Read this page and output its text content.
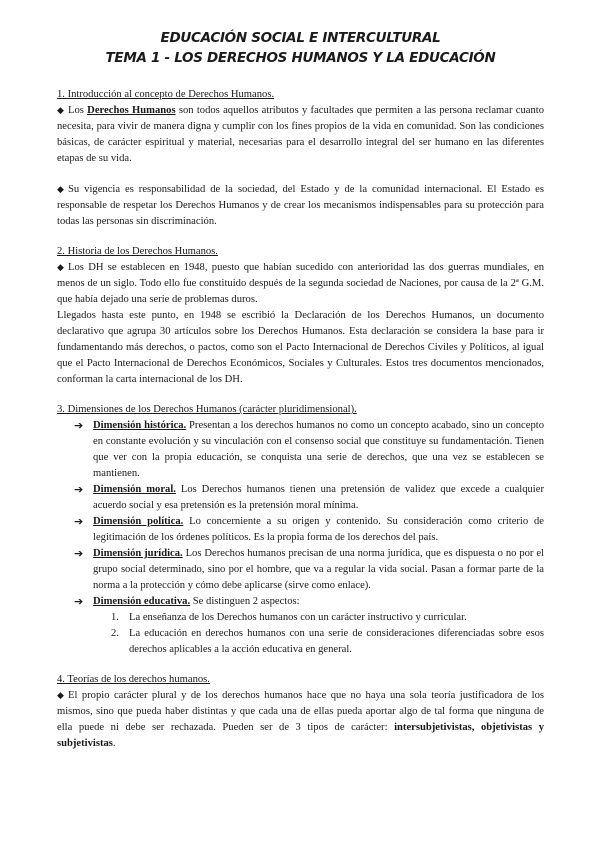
EDUCACIÓN SOCIAL E INTERCULTURAL
TEMA 1 - LOS DERECHOS HUMANOS Y LA EDUCACIÓN

1. Introducción al concepto de Derechos Humanos.

◆ Los Derechos Humanos son todos aquellos atributos y facultades que permiten a las persona reclamar cuanto necesita, para vivir de manera digna y cumplir con los fines propios de la vida en comunidad. Son las condiciones básicas, de carácter espiritual y material, necesarias para el desarrollo integral del ser humano en las diferentes etapas de su vida.

◆ Su vigencia es responsabilidad de la sociedad, del Estado y de la comunidad internacional. El Estado es responsable de respetar los Derechos Humanos y de crear los mecanismos indispensables para su protección para todas las personas sin discriminación.

2. Historia de los Derechos Humanos.

◆ Los DH se establecen en 1948, puesto que habían sucedido con anterioridad las dos guerras mundiales, en menos de un siglo. Todo ello fue constituido después de la segunda sociedad de Naciones, por causa de la 2ª G.M. que había dejado una serie de problemas duros.

Llegados hasta este punto, en 1948 se escribió la Declaración de los Derechos Humanos, un documento declarativo que agrupa 30 artículos sobre los Derechos Humanos. Esta declaración se considera la base para ir fundamentando más derechos, o pactos, como son el Pacto Internacional de Derechos Civiles y Políticos, al igual que el Pacto Internacional de Derechos Económicos, Sociales y Culturales. Estos tres documentos mencionados, conforman la carta internacional de los DH.

3. Dimensiones de los Derechos Humanos (carácter pluridimensional).

➔ Dimensión histórica. Presentan a los derechos humanos no como un concepto acabado, sino un concepto en constante evolución y su vinculación con el consenso social que constituye su fundamentación. Tienen que ver con la propia educación, se conquista una serie de derechos, que una vez se establecen se mantienen.
➔ Dimensión moral. Los Derechos humanos tienen una pretensión de validez que excede a cualquier acuerdo social y esa pretensión es la pretensión moral mínima.
➔ Dimensión política. Lo concerniente a su origen y contenido. Su consideración como criterio de legitimación de los órdenes políticos. Es la propia forma de los derechos del país.
➔ Dimensión jurídica. Los Derechos humanos precisan de una norma jurídica, que es dispuesta o no por el grupo social determinado, sino por el hombre, que va a regular la vida social. Pasan a formar parte de la norma a la protección y cómo debe aplicarse (sirve como enlace).
➔ Dimensión educativa. Se distinguen 2 aspectos:
1. La enseñanza de los Derechos humanos con un carácter instructivo y curricular.
2. La educación en derechos humanos con una serie de consideraciones diferenciadas sobre esos derechos aplicables a la acción educativa en general.

4. Teorías de los derechos humanos.

◆ El propio carácter plural y de los derechos humanos hace que no haya una sola teoría justificadora de los mismos, sino que pueda haber distintas y que cada una de ellas pueda aportar algo de tal forma que ninguna de ella puede ni debe ser rechazada. Pueden ser de 3 tipos de carácter: intersubjetivistas, objetivistas y subjetivistas.
